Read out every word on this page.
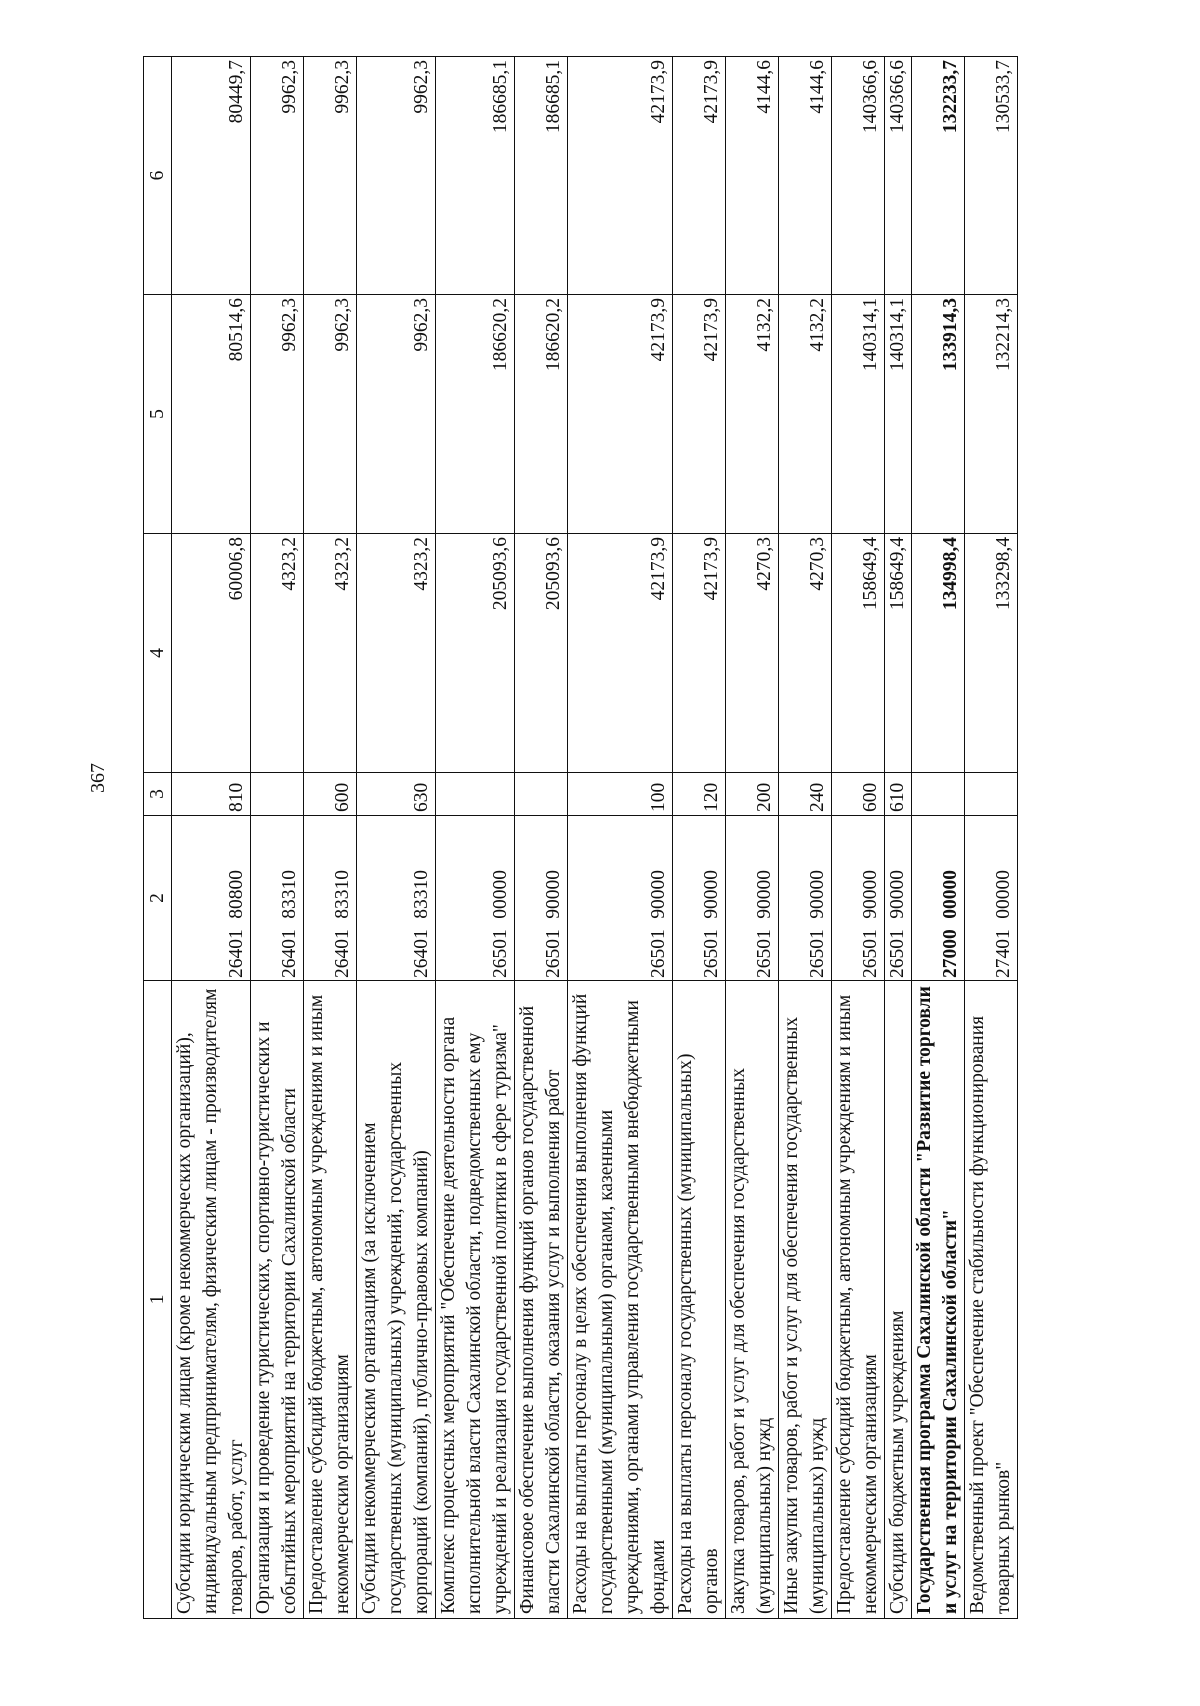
367
1	2	3	4	5	6
Субсидии юридическим лицам (кроме некоммерческих организаций), индивидуальным предпринимателям, физическим лицам - производителям товаров, работ, услуг	2640180800	810	60006,8	80514,6	80449,7
Организация и проведение туристических, спортивно-туристических и событийных мероприятий на территории Сахалинской области	2640183310		4323,2	9962,3	9962,3
Предоставление субсидий бюджетным, автономным учреждениям и иным некоммерческим организациям	2640183310	600	4323,2	9962,3	9962,3
Субсидии некоммерческим организациям (за исключением государственных (муниципальных) учреждений, государственных корпораций (компаний), публично-правовых компаний)	2640183310	630	4323,2	9962,3	9962,3
Комплекс процессных мероприятий "Обеспечение деятельности органа исполнительной власти Сахалинской области, подведомственных ему учреждений и реализация государственной политики в сфере туризма"	2650100000		205093,6	186620,2	186685,1
Финансовое обеспечение выполнения функций органов государственной власти Сахалинской области, оказания услуг и выполнения работ	2650190000		205093,6	186620,2	186685,1
Расходы на выплаты персоналу в целях обеспечения выполнения функций государственными (муниципальными) органами, казенными учреждениями, органами управления государственными внебюджетными фондами	2650190000	100	42173,9	42173,9	42173,9
Расходы на выплаты персоналу государственных (муниципальных) органов	2650190000	120	42173,9	42173,9	42173,9
Закупка товаров, работ и услуг для обеспечения государственных (муниципальных) нужд	2650190000	200	4270,3	4132,2	4144,6
Иные закупки товаров, работ и услуг для обеспечения государственных (муниципальных) нужд	2650190000	240	4270,3	4132,2	4144,6
Предоставление субсидий бюджетным, автономным учреждениям и иным некоммерческим организациям	2650190000	600	158649,4	140314,1	140366,6
Субсидии бюджетным учреждениям	2650190000	610	158649,4	140314,1	140366,6
Государственная программа Сахалинской области "Развитие торговли и услуг на территории Сахалинской области"	2700000000		134998,4	133914,3	132233,7
Ведомственный проект "Обеспечение стабильности функционирования товарных рынков"	2740100000		133298,4	132214,3	130533,7
